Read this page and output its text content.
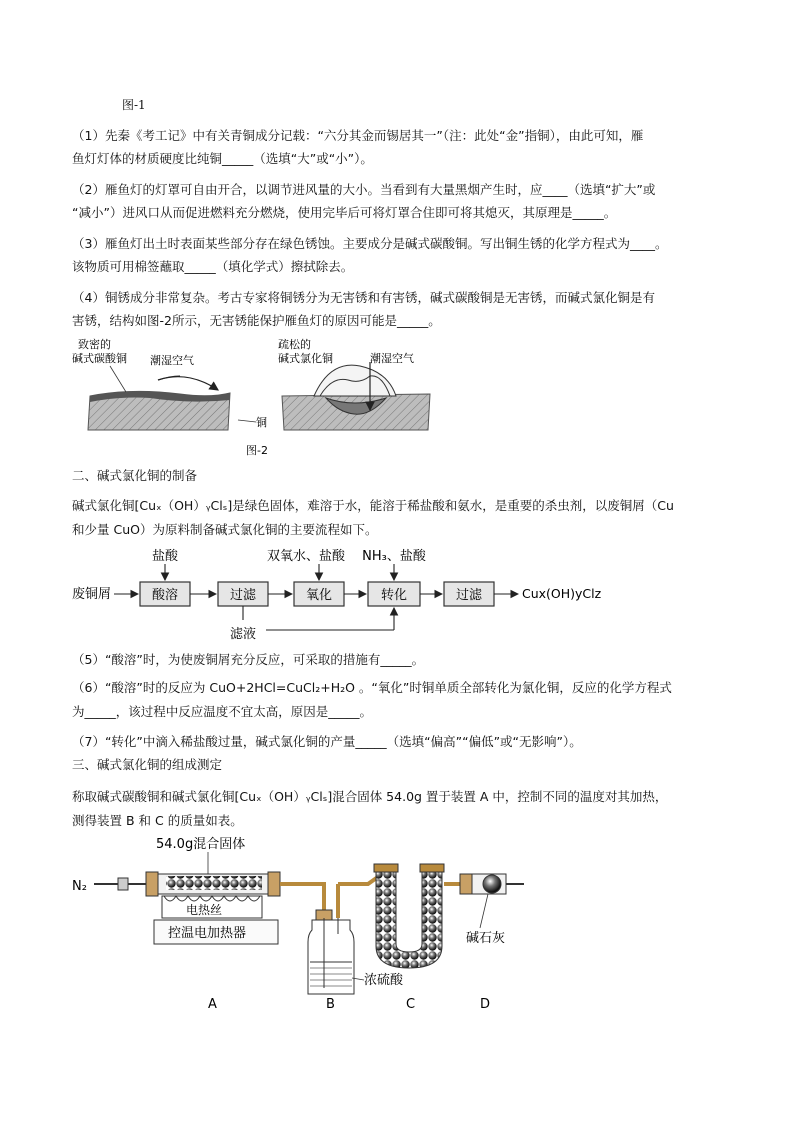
图-1
（1）先秦《考工记》中有关青铜成分记载：“六分其金而锡居其一”（注：此处“金”指铜），由此可知，雁
鱼灯灯体的材质硬度比纯铜_____（选填“大”或“小”）。
（2）雁鱼灯的灯罩可自由开合，以调节进风量的大小。当看到有大量黑烟产生时，应____（选填“扩大”或
“减小”）进风口从而促进燃料充分燃烧，使用完毕后可将灯罩合住即可将其熄灭，其原理是_____。
（3）雁鱼灯出土时表面某些部分存在绿色锈蚀。主要成分是碱式碳酸铜。写出铜生锈的化学方程式为____。
该物质可用棉签蘸取_____（填化学式）擦拭除去。
（4）铜锈成分非常复杂。考古专家将铜锈分为无害锈和有害锈，碱式碳酸铜是无害锈，而碱式氯化铜是有
害锈，结构如图-2所示，无害锈能保护雁鱼灯的原因可能是_____。
致密的
碱式碳酸铜 潮湿空气
疏松的
碱式氯化铜	潮湿空气
铜
图-2
二、碱式氯化铜的制备
碱式氯化铜[Cuₓ（OH）ᵧClₛ]是绿色固体，难溶于水，能溶于稀盐酸和氨水，是重要的杀虫剂，以废铜屑（Cu
和少量 CuO）为原料制备碱式氯化铜的主要流程如下。
废铜屑	酸溶
盐酸
过滤	氧化
双氧水、盐酸
转化
NH₃、盐酸
过滤	Cux(OH)yClz
滤液
（5）“酸溶”时，为使废铜屑充分反应，可采取的措施有_____。
（6）“酸溶”时的反应为 CuO+2HCl=CuCl₂+H₂O 。“氧化”时铜单质全部转化为氯化铜，反应的化学方程式
为_____，该过程中反应温度不宜太高，原因是_____。
（7）“转化”中滴入稀盐酸过量，碱式氯化铜的产量_____（选填“偏高”“偏低”或“无影响”）。
三、碱式氯化铜的组成测定
称取碱式碳酸铜和碱式氯化铜[Cuₓ（OH）ᵧClₛ]混合固体 54.0g 置于装置 A 中，控制不同的温度对其加热，
测得装置 B 和 C 的质量如表。
N₂
54.0g混合固体
电热丝
控温电加热器
浓硫酸
碱石灰
A	B	C	D
